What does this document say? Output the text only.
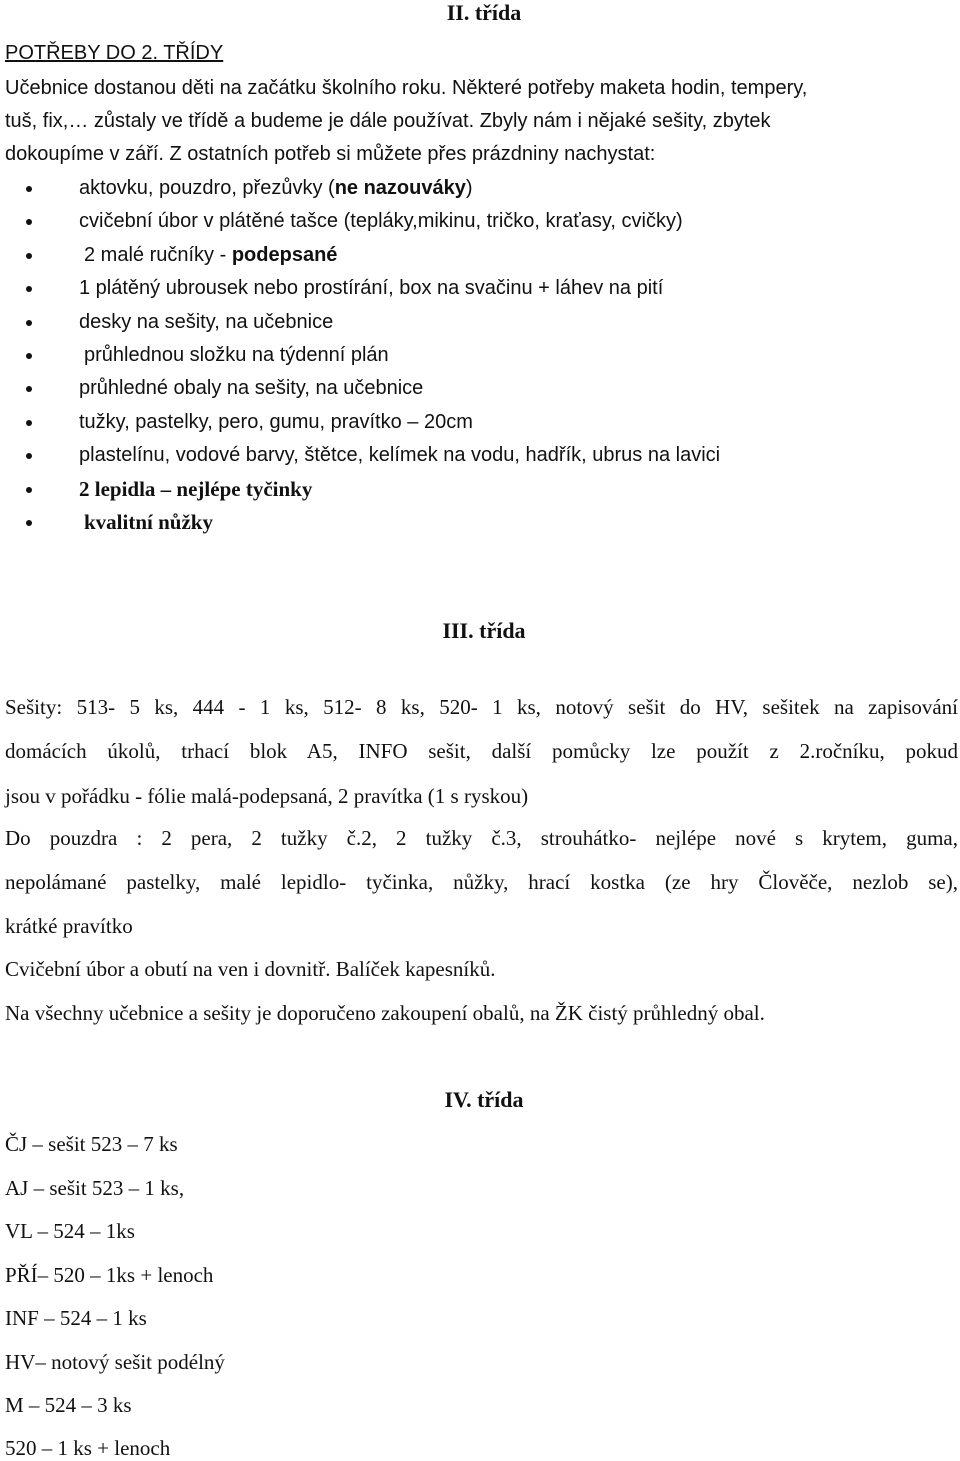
II. třída
POTŘEBY DO 2. TŘÍDY
Učebnice dostanou děti na začátku školního roku. Některé potřeby maketa hodin, tempery,
tuš, fix,… zůstaly ve třídě a budeme je dále používat. Zbyly nám i nějaké sešity, zbytek
dokoupíme v září. Z ostatních potřeb si můžete přes prázdniny nachystat:
aktovku, pouzdro, přezůvky (ne nazouváky)
cvičební úbor v plátěné tašce (tepláky,mikinu, tričko, kraťasy, cvičky)
2 malé ručníky - podepsané
1 plátěný ubrousek nebo prostírání, box na svačinu + láhev na pití
desky na sešity, na učebnice
průhlednou složku na týdenní plán
průhledné obaly na sešity, na učebnice
tužky, pastelky, pero, gumu, pravítko – 20cm
plastelínu, vodové barvy, štětce, kelímek na vodu, hadřík, ubrus na lavici
2 lepidla – nejlépe tyčinky
kvalitní nůžky
III. třída
Sešity: 513- 5 ks, 444 - 1 ks, 512- 8 ks, 520- 1 ks, notový sešit do HV, sešitek na zapisování
domácích úkolů, trhací blok A5, INFO sešit, další pomůcky lze použít z 2.ročníku, pokud
jsou v pořádku - fólie malá-podepsaná, 2 pravítka (1 s ryskou)
Do pouzdra : 2 pera, 2 tužky č.2, 2 tužky č.3, strouhátko- nejlépe nové s krytem, guma,
nepolámané pastelky, malé lepidlo- tyčinka, nůžky, hrací kostka (ze hry Člověče, nezlob se),
krátké pravítko
Cvičební úbor a obutí na ven i dovnitř. Balíček kapesníků.
Na všechny učebnice a sešity je doporučeno zakoupení obalů, na ŽK čistý průhledný obal.
IV. třída
ČJ – sešit 523 – 7 ks
AJ – sešit 523 – 1 ks,
VL – 524 – 1ks
PŘÍ– 520 – 1ks + lenoch
INF – 524 – 1 ks
HV– notový sešit podélný
M – 524 – 3 ks
520 – 1 ks + lenoch
